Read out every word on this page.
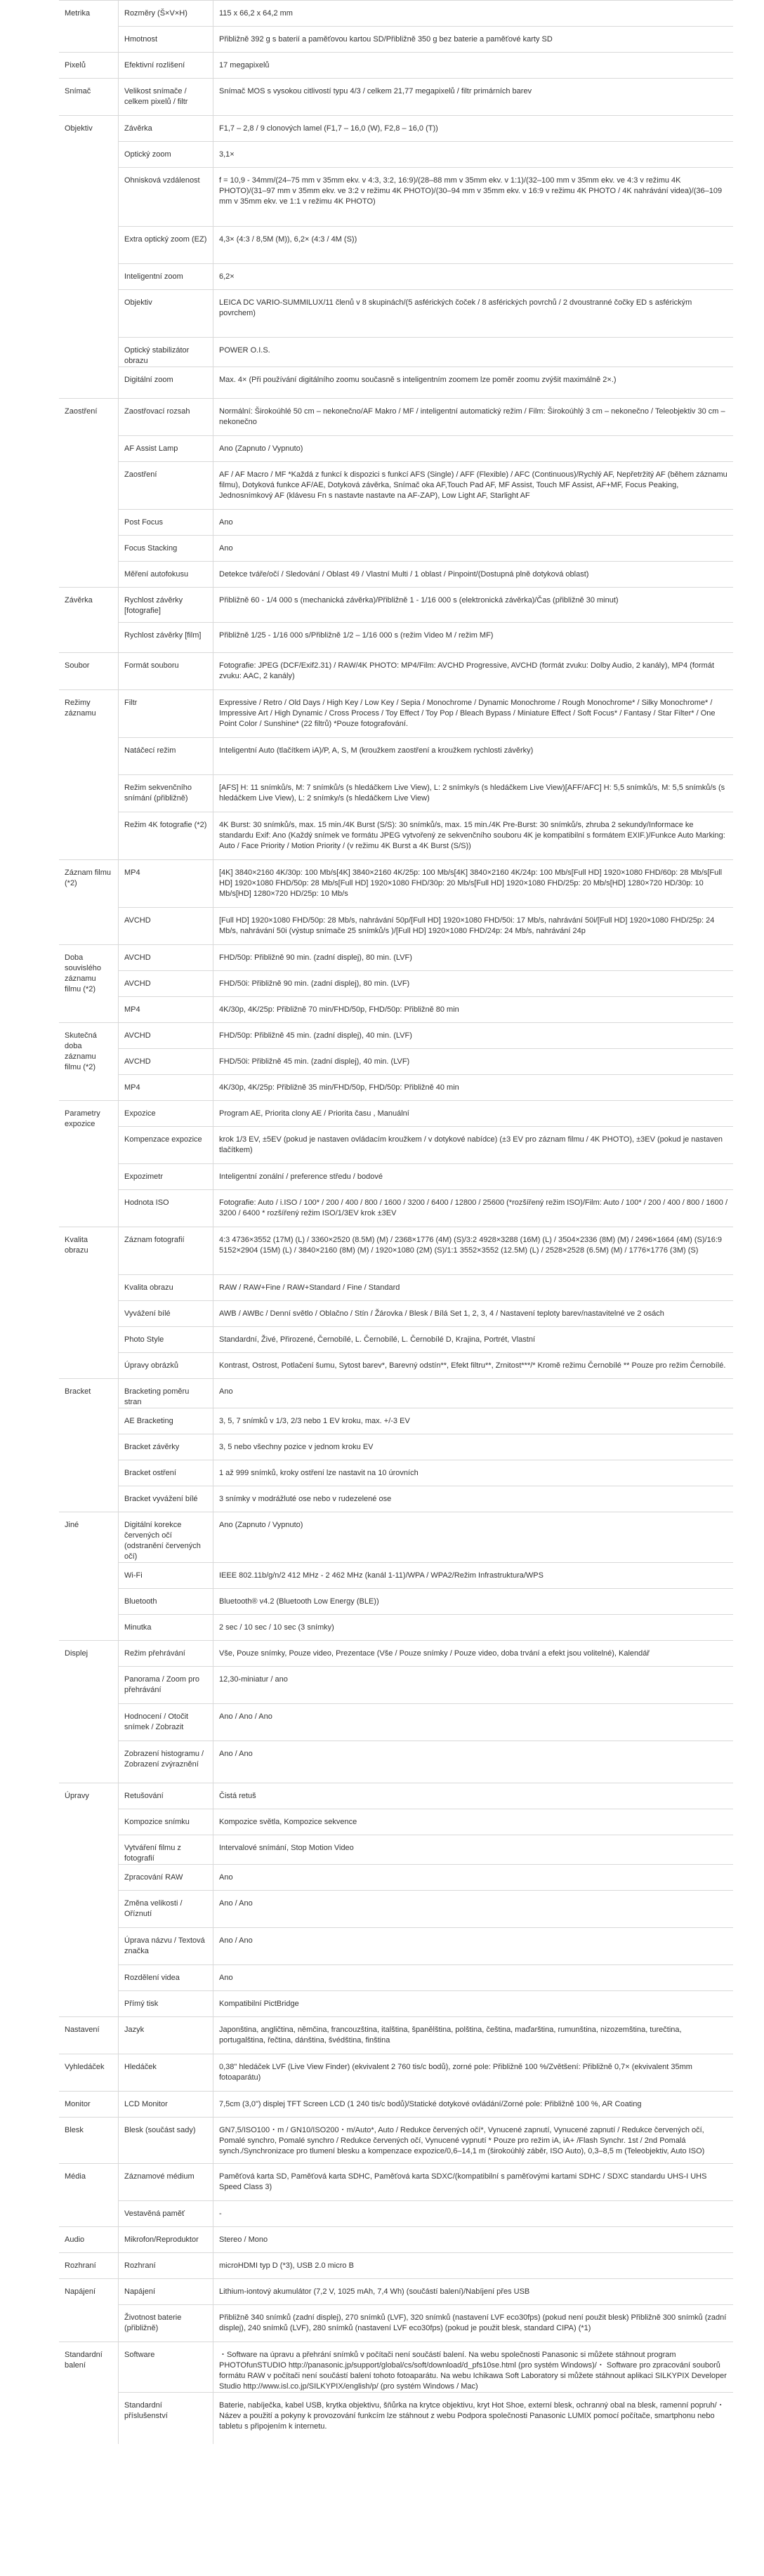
Metrika	Rozměry (Š×V×H)	115 x 66,2 x 64,2 mm

	Hmotnost	Přibližně 392 g s baterií a paměťovou kartou SD/Přibližně 350 g bez baterie a paměťové karty SD

Pixelů	Efektivní rozlišení	17 megapixelů

Snímač	Velikost snímače / celkem pixelů / filtr	Snímač MOS s vysokou citlivostí typu 4/3 / celkem 21,77 megapixelů / filtr primárních barev

Objektiv	Závěrka	F1,7 – 2,8 / 9 clonových lamel (F1,7 – 16,0 (W), F2,8 – 16,0 (T))

	Optický zoom	3,1×

	Ohnisková vzdálenost	f = 10,9 - 34mm/(24–75 mm v 35mm ekv. v 4:3, 3:2, 16:9)/(28–88 mm v 35mm ekv. v 1:1)/(32–100 mm v 35mm ekv. ve 4:3 v režimu 4K PHOTO)/(31–97 mm v 35mm ekv. ve 3:2 v režimu 4K PHOTO)/(30–94 mm v 35mm ekv. v 16:9 v režimu 4K PHOTO / 4K nahrávání videa)/(36–109 mm v 35mm ekv. ve 1:1 v režimu 4K PHOTO)

	Extra optický zoom (EZ)	4,3× (4:3 / 8,5M (M)), 6,2× (4:3 / 4M (S))

	Inteligentní zoom	6,2×

	Objektiv	LEICA DC VARIO-SUMMILUX/11 členů v 8 skupinách/(5 asférických čoček / 8 asférických povrchů / 2 dvoustranné čočky ED s asférickým povrchem)

	Optický stabilizátor obrazu	POWER O.I.S.

	Digitální zoom	Max. 4× (Při používání digitálního zoomu současně s inteligentním zoomem lze poměr zoomu zvýšit maximálně 2×.)

Zaostření	Zaostřovací rozsah	Normální: Širokoúhlé 50 cm – nekonečno/AF Makro / MF / inteligentní automatický režim / Film: Širokoúhlý 3 cm – nekonečno / Teleobjektiv 30 cm – nekonečno

	AF Assist Lamp	Ano (Zapnuto / Vypnuto)

	Zaostření	AF / AF Macro / MF *Každá z funkcí k dispozici s funkcí AFS (Single) / AFF (Flexible) / AFC (Continuous)/Rychlý AF, Nepřetržitý AF (během záznamu filmu), Dotyková funkce AF/AE, Dotyková závěrka, Snímač oka AF,Touch Pad AF, MF Assist, Touch MF Assist, AF+MF, Focus Peaking, Jednosnímkový AF (klávesu Fn s nastavte nastavte na AF-ZAP), Low Light AF, Starlight AF

	Post Focus	Ano

	Focus Stacking	Ano

	Měření autofokusu	Detekce tváře/očí / Sledování / Oblast 49 / Vlastní Multi / 1 oblast / Pinpoint/(Dostupná plně dotyková oblast)

Závěrka	Rychlost závěrky [fotografie]	Přibližně 60 - 1/4 000 s (mechanická závěrka)/Přibližně 1 - 1/16 000 s (elektronická závěrka)/Čas (přibližně 30 minut)

	Rychlost závěrky [film]	Přibližně 1/25 - 1/16 000 s/Přibližně 1/2 – 1/16 000 s (režim Video M / režim MF)

Soubor	Formát souboru	Fotografie: JPEG (DCF/Exif2.31) / RAW/4K PHOTO: MP4/Film: AVCHD Progressive, AVCHD (formát zvuku: Dolby Audio, 2 kanály), MP4 (formát zvuku: AAC, 2 kanály)

Režimy záznamu	Filtr	Expressive / Retro / Old Days / High Key / Low Key / Sepia / Monochrome / Dynamic Monochrome / Rough Monochrome* / Silky Monochrome* / Impressive Art / High Dynamic / Cross Process / Toy Effect / Toy Pop / Bleach Bypass / Miniature Effect / Soft Focus* / Fantasy / Star Filter* / One Point Color / Sunshine* (22 filtrů) *Pouze fotografování.

	Natáčecí režim	Inteligentní Auto (tlačítkem iA)/P, A, S, M (kroužkem zaostření a kroužkem rychlosti závěrky)

	Režim sekvenčního snímání (přibližně)	[AFS] H: 11 snímků/s, M: 7 snímků/s (s hledáčkem Live View), L: 2 snímky/s (s hledáčkem Live View)[AFF/AFC] H: 5,5 snímků/s, M: 5,5 snímků/s (s hledáčkem Live View), L: 2 snímky/s (s hledáčkem Live View)

	Režim 4K fotografie (*2)	4K Burst: 30 snímků/s, max. 15 min./4K Burst (S/S): 30 snímků/s, max. 15 min./4K Pre-Burst: 30 snímků/s, zhruba 2 sekundy/Informace ke standardu Exif: Ano (Každý snímek ve formátu JPEG vytvořený ze sekvenčního souboru 4K je kompatibilní s formátem EXIF.)/Funkce Auto Marking: Auto / Face Priority / Motion Priority / (v režimu 4K Burst a 4K Burst (S/S))

Záznam filmu (*2)	MP4	[4K] 3840×2160 4K/30p: 100 Mb/s[4K] 3840×2160 4K/25p: 100 Mb/s[4K] 3840×2160 4K/24p: 100 Mb/s[Full HD] 1920×1080 FHD/60p: 28 Mb/s[Full HD] 1920×1080 FHD/50p: 28 Mb/s[Full HD] 1920×1080 FHD/30p: 20 Mb/s[Full HD] 1920×1080 FHD/25p: 20 Mb/s[HD] 1280×720 HD/30p: 10 Mb/s[HD] 1280×720 HD/25p: 10 Mb/s

	AVCHD	[Full HD] 1920×1080 FHD/50p: 28 Mb/s, nahrávání 50p/[Full HD] 1920×1080 FHD/50i: 17 Mb/s, nahrávání 50i/[Full HD] 1920×1080 FHD/25p: 24 Mb/s, nahrávání 50i (výstup snímače 25 snímků/s )/[Full HD] 1920×1080 FHD/24p: 24 Mb/s, nahrávání 24p

Doba souvislého záznamu filmu (*2)	AVCHD	FHD/50p: Přibližně 90 min. (zadní displej), 80 min. (LVF)

	AVCHD	FHD/50i: Přibližně 90 min. (zadní displej), 80 min. (LVF)

	MP4	4K/30p, 4K/25p: Přibližně 70 min/FHD/50p, FHD/50p: Přibližně 80 min

Skutečná doba záznamu filmu (*2)	AVCHD	FHD/50p: Přibližně 45 min. (zadní displej), 40 min. (LVF)

	AVCHD	FHD/50i: Přibližně 45 min. (zadní displej), 40 min. (LVF)

	MP4	4K/30p, 4K/25p: Přibližně 35 min/FHD/50p, FHD/50p: Přibližně 40 min

Parametry expozice	Expozice	Program AE, Priorita clony AE / Priorita času , Manuální

	Kompenzace expozice	krok 1/3 EV, ±5EV (pokud je nastaven ovládacím kroužkem / v dotykové nabídce) (±3 EV pro záznam filmu / 4K PHOTO), ±3EV (pokud je nastaven tlačítkem)

	Expozimetr	Inteligentní zonální / preference středu / bodové

	Hodnota ISO	Fotografie: Auto / i.ISO / 100* / 200 / 400 / 800 / 1600 / 3200 / 6400 / 12800 / 25600 (*rozšířený režim ISO)/Film: Auto / 100* / 200 / 400 / 800 / 1600 / 3200 / 6400 * rozšířený režim ISO/1/3EV krok ±3EV

Kvalita obrazu	Záznam fotografií	4:3 4736×3552 (17M) (L) / 3360×2520 (8.5M) (M) / 2368×1776 (4M) (S)/3:2 4928×3288 (16M) (L) / 3504×2336 (8M) (M) / 2496×1664 (4M) (S)/16:9 5152×2904 (15M) (L) / 3840×2160 (8M) (M) / 1920×1080 (2M) (S)/1:1 3552×3552 (12.5M) (L) / 2528×2528 (6.5M) (M) / 1776×1776 (3M) (S)

	Kvalita obrazu	RAW / RAW+Fine / RAW+Standard / Fine / Standard

	Vyvážení bílé	AWB / AWBc / Denní světlo / Oblačno / Stín / Žárovka / Blesk / Bílá Set 1, 2, 3, 4 / Nastavení teploty barev/nastavitelné ve 2 osách

	Photo Style	Standardní, Živé, Přirozené, Černobílé, L. Černobílé, L. Černobílé D, Krajina, Portrét, Vlastní

	Úpravy obrázků	Kontrast, Ostrost, Potlačení šumu, Sytost barev*, Barevný odstín**, Efekt filtru**, Zrnitost***/* Kromě režimu Černobílé ** Pouze pro režim Černobílé.

Bracket	Bracketing poměru stran	Ano

	AE Bracketing	3, 5, 7 snímků v 1/3, 2/3 nebo 1 EV kroku, max. +/-3 EV

	Bracket závěrky	3, 5 nebo všechny pozice v jednom kroku EV

	Bracket ostření	1 až 999 snímků, kroky ostření lze nastavit na 10 úrovních

	Bracket vyvážení bílé	3 snímky v modrážluté ose nebo v rudezelené ose

Jiné	Digitální korekce červených očí (odstranění červených očí)	Ano (Zapnuto / Vypnuto)

	Wi-Fi	IEEE 802.11b/g/n/2 412 MHz - 2 462 MHz (kanál 1-11)/WPA / WPA2/Režim Infrastruktura/WPS

	Bluetooth	Bluetooth® v4.2 (Bluetooth Low Energy (BLE))

	Minutka	2 sec / 10 sec / 10 sec (3 snímky)

Displej	Režim přehrávání	Vše, Pouze snímky, Pouze video, Prezentace (Vše / Pouze snímky / Pouze video, doba trvání a efekt jsou volitelné), Kalendář

	Panorama / Zoom pro přehrávání	12,30-miniatur / ano

	Hodnocení / Otočit snímek / Zobrazit	Ano / Ano / Ano

	Zobrazení histogramu / Zobrazení zvýraznění	Ano / Ano

Úpravy	Retušování	Čistá retuš

	Kompozice snímku	Kompozice světla, Kompozice sekvence

	Vytváření filmu z fotografií	Intervalové snímání, Stop Motion Video

	Zpracování RAW	Ano

	Změna velikosti / Oříznutí	Ano / Ano

	Úprava názvu / Textová značka	Ano / Ano

	Rozdělení videa	Ano

	Přímý tisk	Kompatibilní PictBridge

Nastavení	Jazyk	Japonština, angličtina, němčina, francouzština, italština, španělština, polština, čeština, maďarština, rumunština, nizozemština, turečtina, portugalština, řečtina, dánština, švédština, finština

Vyhledáček	Hledáček	0,38" hledáček LVF (Live View Finder) (ekvivalent 2 760 tis/c bodů), zorné pole: Přibližně 100 %/Zvětšení: Přibližně 0,7× (ekvivalent 35mm fotoaparátu)

Monitor	LCD Monitor	7,5cm (3,0") displej TFT Screen LCD (1 240 tis/c bodů)/Statické dotykové ovládání/Zorné pole: Přibližně 100 %, AR Coating

Blesk	Blesk (součást sady)	GN7,5/ISO100・m / GN10/ISO200・m/Auto*, Auto / Redukce červených očí*, Vynucené zapnutí, Vynucené zapnutí / Redukce červených očí, Pomalé synchro, Pomalé synchro / Redukce červených očí, Vynucené vypnutí * Pouze pro režim iA, iA+ /Flash Synchr. 1st / 2nd Pomalá synch./Synchronizace pro tlumení blesku a kompenzace expozice/0,6–14,1 m (širokoúhlý záběr, ISO Auto), 0,3–8,5 m (Teleobjektiv, Auto ISO)

Média	Záznamové médium	Paměťová karta SD, Paměťová karta SDHC, Paměťová karta SDXC/(kompatibilní s paměťovými kartami SDHC / SDXC standardu UHS-I UHS Speed Class 3)

	Vestavěná paměť	-

Audio	Mikrofon/Reproduktor	Stereo / Mono

Rozhraní	Rozhraní	microHDMI typ D (*3), USB 2.0 micro B

Napájení	Napájení	Lithium-iontový akumulátor (7,2 V, 1025 mAh, 7,4 Wh) (součástí balení)/Nabíjení přes USB

	Životnost baterie (přibližně)	Přibližně 340 snímků (zadní displej), 270 snímků (LVF), 320 snímků (nastavení LVF eco30fps) (pokud není použit blesk) Přibližně 300 snímků (zadní displej), 240 snímků (LVF), 280 snímků (nastavení LVF eco30fps) (pokud je použit blesk, standard CIPA) (*1)

Standardní balení	Software	・Software na úpravu a přehrání snímků v počítači není součástí balení. Na webu společnosti Panasonic si můžete stáhnout program PHOTOfunSTUDIO http://panasonic.jp/support/global/cs/soft/download/d_pfs10se.html (pro systém Windows)/・ Software pro zpracování souborů formátu RAW v počítači není součástí balení tohoto fotoaparátu. Na webu Ichikawa Soft Laboratory si můžete stáhnout aplikaci SILKYPIX Developer Studio http://www.isl.co.jp/SILKYPIX/english/p/ (pro systém Windows / Mac)

	Standardní příslušenství	Baterie, nabíječka, kabel USB, krytka objektivu, šňůrka na krytce objektivu, kryt Hot Shoe, externí blesk, ochranný obal na blesk, ramenní popruh/・ Název a použití a pokyny k provozování funkcím lze stáhnout z webu Podpora společnosti Panasonic LUMIX pomocí počítače, smartphonu nebo tabletu s připojením k internetu.
